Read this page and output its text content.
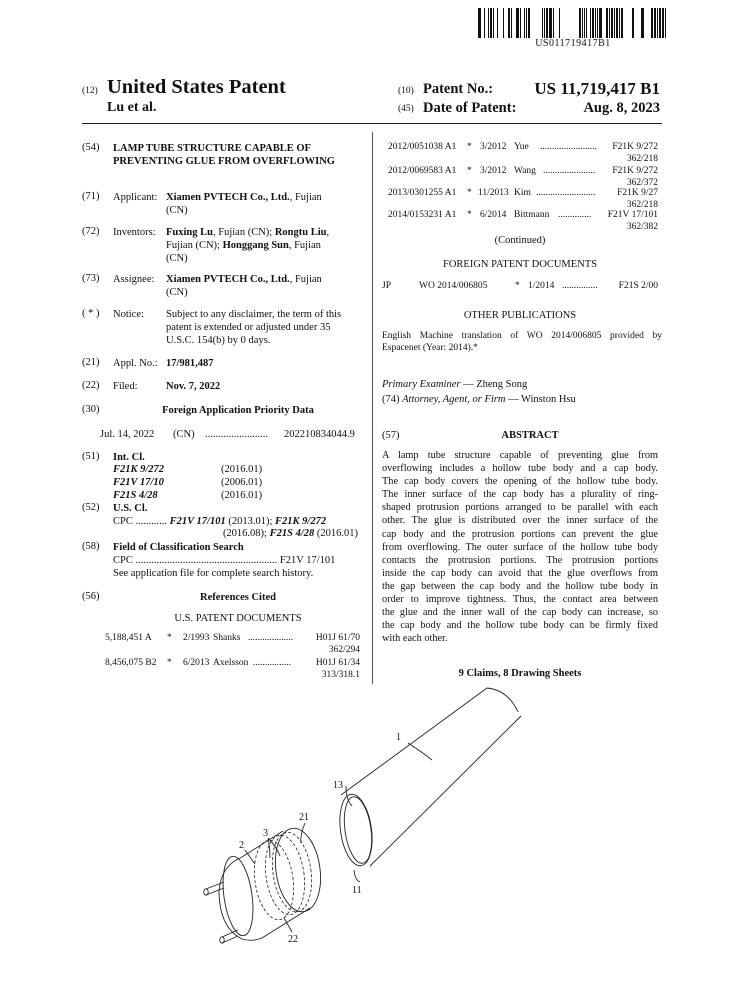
US011719417B1
(12) United States Patent
Lu et al.
(10) Patent No.:	US 11,719,417 B1
(45) Date of Patent:	Aug. 8, 2023
(54) LAMP TUBE STRUCTURE CAPABLE OF PREVENTING GLUE FROM OVERFLOWING
(71) Applicant: Xiamen PVTECH Co., Ltd., Fujian
(CN)
(72) Inventors: Fuxing Lu, Fujian (CN); Rongtu Liu,
Fujian (CN); Honggang Sun, Fujian
(CN)
(73) Assignee: Xiamen PVTECH Co., Ltd., Fujian
(CN)
( * ) Notice: Subject to any disclaimer, the term of this
patent is extended or adjusted under 35
U.S.C. 154(b) by 0 days.
(21) Appl. No.: 17/981,487
(22) Filed:	Nov. 7, 2022
(30)	Foreign Application Priority Data
Jul. 14, 2022 (CN) ........................ 202210834044.9
(51) Int. Cl.
F21K 9/272	(2016.01)
F21V 17/10	(2006.01)
F21S 4/28	(2016.01)
(52) U.S. Cl.
CPC ............ F21V 17/101 (2013.01); F21K 9/272
(2016.08); F21S 4/28 (2016.01)
(58) Field of Classification Search
CPC ...................................................... F21V 17/101
See application file for complete search history.
(56)	References Cited
U.S. PATENT DOCUMENTS
5,188,451 A * 2/1993 Shanks ................... H01J 61/70
362/294
8,456,075 B2 * 6/2013 Axelsson ................	H01J 61/34
313/318.1
2012/0051038 A1 * 3/2012 Yue ........................ F21K 9/272
362/218
2012/0069583 A1 * 3/2012 Wang ...................... F21K 9/272
362/372
2013/0301255 A1 * 11/2013 Kim ......................... F21K 9/27
362/218
2014/0153231 A1 * 6/2014 Bittmann .............. F21V 17/101
362/382
(Continued)
FOREIGN PATENT DOCUMENTS
JP	WO 2014/006805	* 1/2014 ............... F21S 2/00
OTHER PUBLICATIONS
English Machine translation of WO 2014/006805 provided by
Espacenet (Year: 2014).*
Primary Examiner — Zheng Song
(74) Attorney, Agent, or Firm — Winston Hsu
(57)	ABSTRACT
A lamp tube structure capable of preventing glue from
overflowing includes a hollow tube body and a cap body.
The cap body covers the opening of the hollow tube body.
The inner surface of the cap body has a plurality of ring-
shaped protrusion portions arranged to be parallel with each
other. The glue is distributed over the inner surface of the
cap body and the protrusion portions can prevent the glue
from overflowing. The outer surface of the hollow tube body
contacts the protrusion portions. The protrusion portions
inside the cap body can avoid that the glue overflows from
the gap between the cap body and the hollow tube body in
order to improve tightness. Thus, the contact area between
the glue and the inner wall of the cap body can increase, so
the cap body and the hollow tube body can be firmly fixed
with each other.
9 Claims, 8 Drawing Sheets
1
13
21
3
2
11
22
